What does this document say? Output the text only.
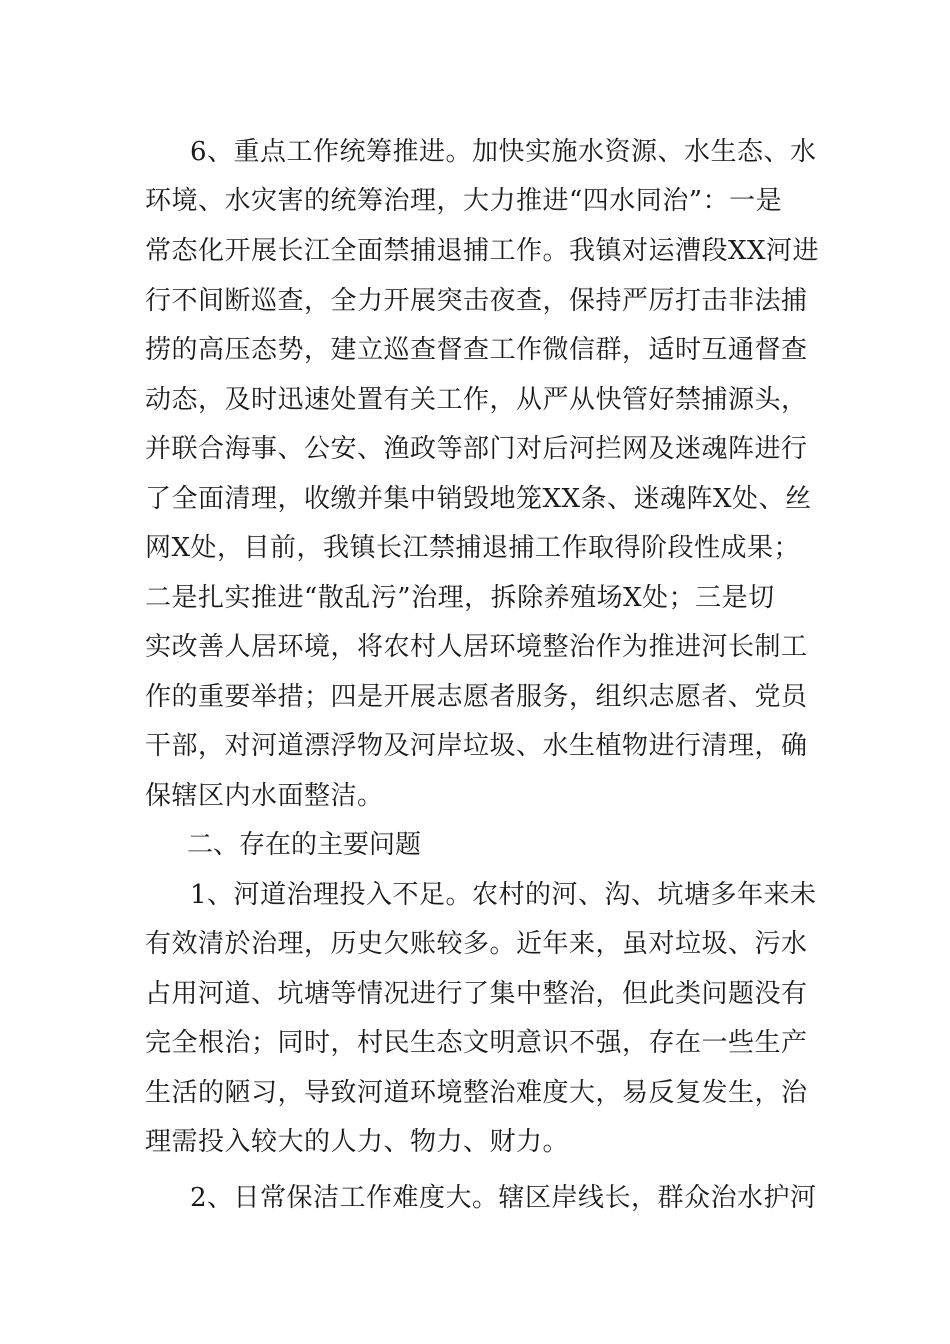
6、重点工作统筹推进。加快实施水资源、水生态、水

环境、水灾害的统筹治理，大力推进“四水同治”：一是

常态化开展长江全面禁捕退捕工作。我镇对运漕段XX河进

行不间断巡查，全力开展突击夜查，保持严厉打击非法捕

捞的高压态势，建立巡查督查工作微信群，适时互通督查

动态，及时迅速处置有关工作，从严从快管好禁捕源头，

并联合海事、公安、渔政等部门对后河拦网及迷魂阵进行

了全面清理，收缴并集中销毁地笼XX条、迷魂阵X处、丝

网X处，目前，我镇长江禁捕退捕工作取得阶段性成果；

二是扎实推进“散乱污”治理，拆除养殖场X处；三是切

实改善人居环境，将农村人居环境整治作为推进河长制工

作的重要举措；四是开展志愿者服务，组织志愿者、党员

干部，对河道漂浮物及河岸垃圾、水生植物进行清理，确

保辖区内水面整洁。

二、存在的主要问题

1、河道治理投入不足。农村的河、沟、坑塘多年来未

有效清於治理，历史欠账较多。近年来，虽对垃圾、污水

占用河道、坑塘等情况进行了集中整治，但此类问题没有

完全根治；同时，村民生态文明意识不强，存在一些生产

生活的陋习，导致河道环境整治难度大，易反复发生，治

理需投入较大的人力、物力、财力。

2、日常保洁工作难度大。辖区岸线长，群众治水护河
